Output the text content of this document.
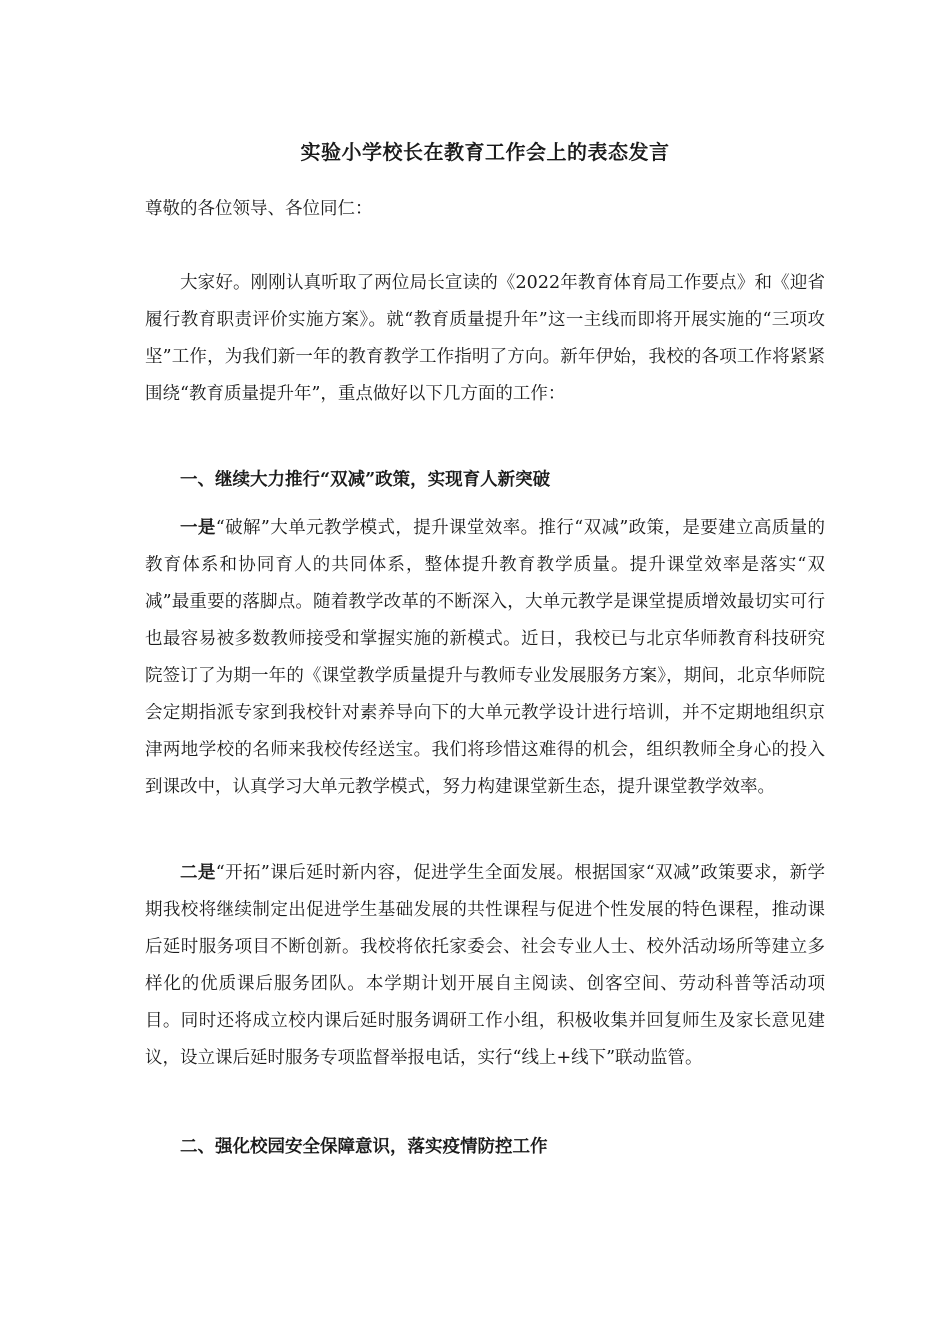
实验小学校长在教育工作会上的表态发言
尊敬的各位领导、各位同仁：

大家好。刚刚认真听取了两位局长宣读的《2022年教育体育局工作要点》和《迎省履行教育职责评价实施方案》。就“教育质量提升年”这一主线而即将开展实施的“三项攻坚”工作，为我们新一年的教育教学工作指明了方向。新年伊始，我校的各项工作将紧紧围绕“教育质量提升年”，重点做好以下几方面的工作：

一、继续大力推行“双减”政策，实现育人新突破

一是“破解”大单元教学模式，提升课堂效率。推行“双减”政策，是要建立高质量的教育体系和协同育人的共同体系，整体提升教育教学质量。提升课堂效率是落实“双减”最重要的落脚点。随着教学改革的不断深入，大单元教学是课堂提质增效最切实可行也最容易被多数教师接受和掌握实施的新模式。近日，我校已与北京华师教育科技研究院签订了为期一年的《课堂教学质量提升与教师专业发展服务方案》，期间，北京华师院会定期指派专家到我校针对素养导向下的大单元教学设计进行培训，并不定期地组织京津两地学校的名师来我校传经送宝。我们将珍惜这难得的机会，组织教师全身心的投入到课改中，认真学习大单元教学模式，努力构建课堂新生态，提升课堂教学效率。

二是“开拓”课后延时新内容，促进学生全面发展。根据国家“双减”政策要求，新学期我校将继续制定出促进学生基础发展的共性课程与促进个性发展的特色课程，推动课后延时服务项目不断创新。我校将依托家委会、社会专业人士、校外活动场所等建立多样化的优质课后服务团队。本学期计划开展自主阅读、创客空间、劳动科普等活动项目。同时还将成立校内课后延时服务调研工作小组，积极收集并回复师生及家长意见建议，设立课后延时服务专项监督举报电话，实行“线上+线下”联动监管。

二、强化校园安全保障意识，落实疫情防控工作
